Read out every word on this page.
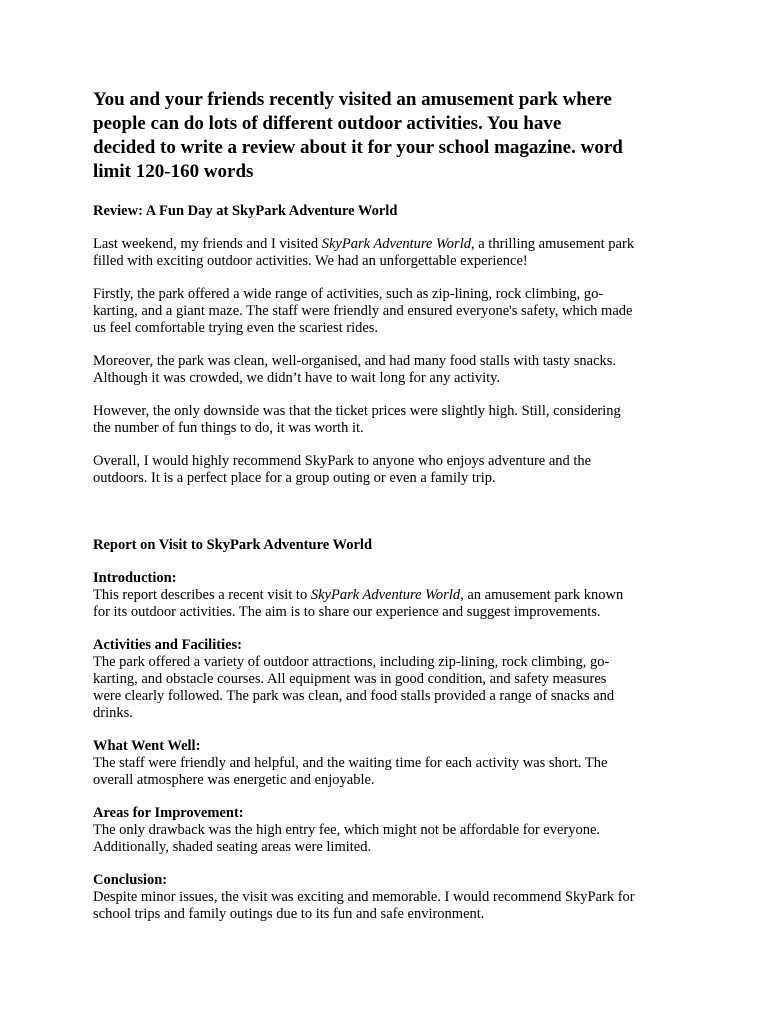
You and your friends recently visited an amusement park where
people can do lots of different outdoor activities. You have
decided to write a review about it for your school magazine. word
limit 120-160 words

Review: A Fun Day at SkyPark Adventure World

Last weekend, my friends and I visited SkyPark Adventure World, a thrilling amusement park
filled with exciting outdoor activities. We had an unforgettable experience!

Firstly, the park offered a wide range of activities, such as zip-lining, rock climbing, go-
karting, and a giant maze. The staff were friendly and ensured everyone's safety, which made
us feel comfortable trying even the scariest rides.

Moreover, the park was clean, well-organised, and had many food stalls with tasty snacks.
Although it was crowded, we didn’t have to wait long for any activity.

However, the only downside was that the ticket prices were slightly high. Still, considering
the number of fun things to do, it was worth it.

Overall, I would highly recommend SkyPark to anyone who enjoys adventure and the
outdoors. It is a perfect place for a group outing or even a family trip.

Report on Visit to SkyPark Adventure World

Introduction:

This report describes a recent visit to SkyPark Adventure World, an amusement park known
for its outdoor activities. The aim is to share our experience and suggest improvements.

Activities and Facilities:

The park offered a variety of outdoor attractions, including zip-lining, rock climbing, go-
karting, and obstacle courses. All equipment was in good condition, and safety measures
were clearly followed. The park was clean, and food stalls provided a range of snacks and
drinks.

What Went Well:

The staff were friendly and helpful, and the waiting time for each activity was short. The
overall atmosphere was energetic and enjoyable.

Areas for Improvement:

The only drawback was the high entry fee, which might not be affordable for everyone.
Additionally, shaded seating areas were limited.

Conclusion:

Despite minor issues, the visit was exciting and memorable. I would recommend SkyPark for
school trips and family outings due to its fun and safe environment.
